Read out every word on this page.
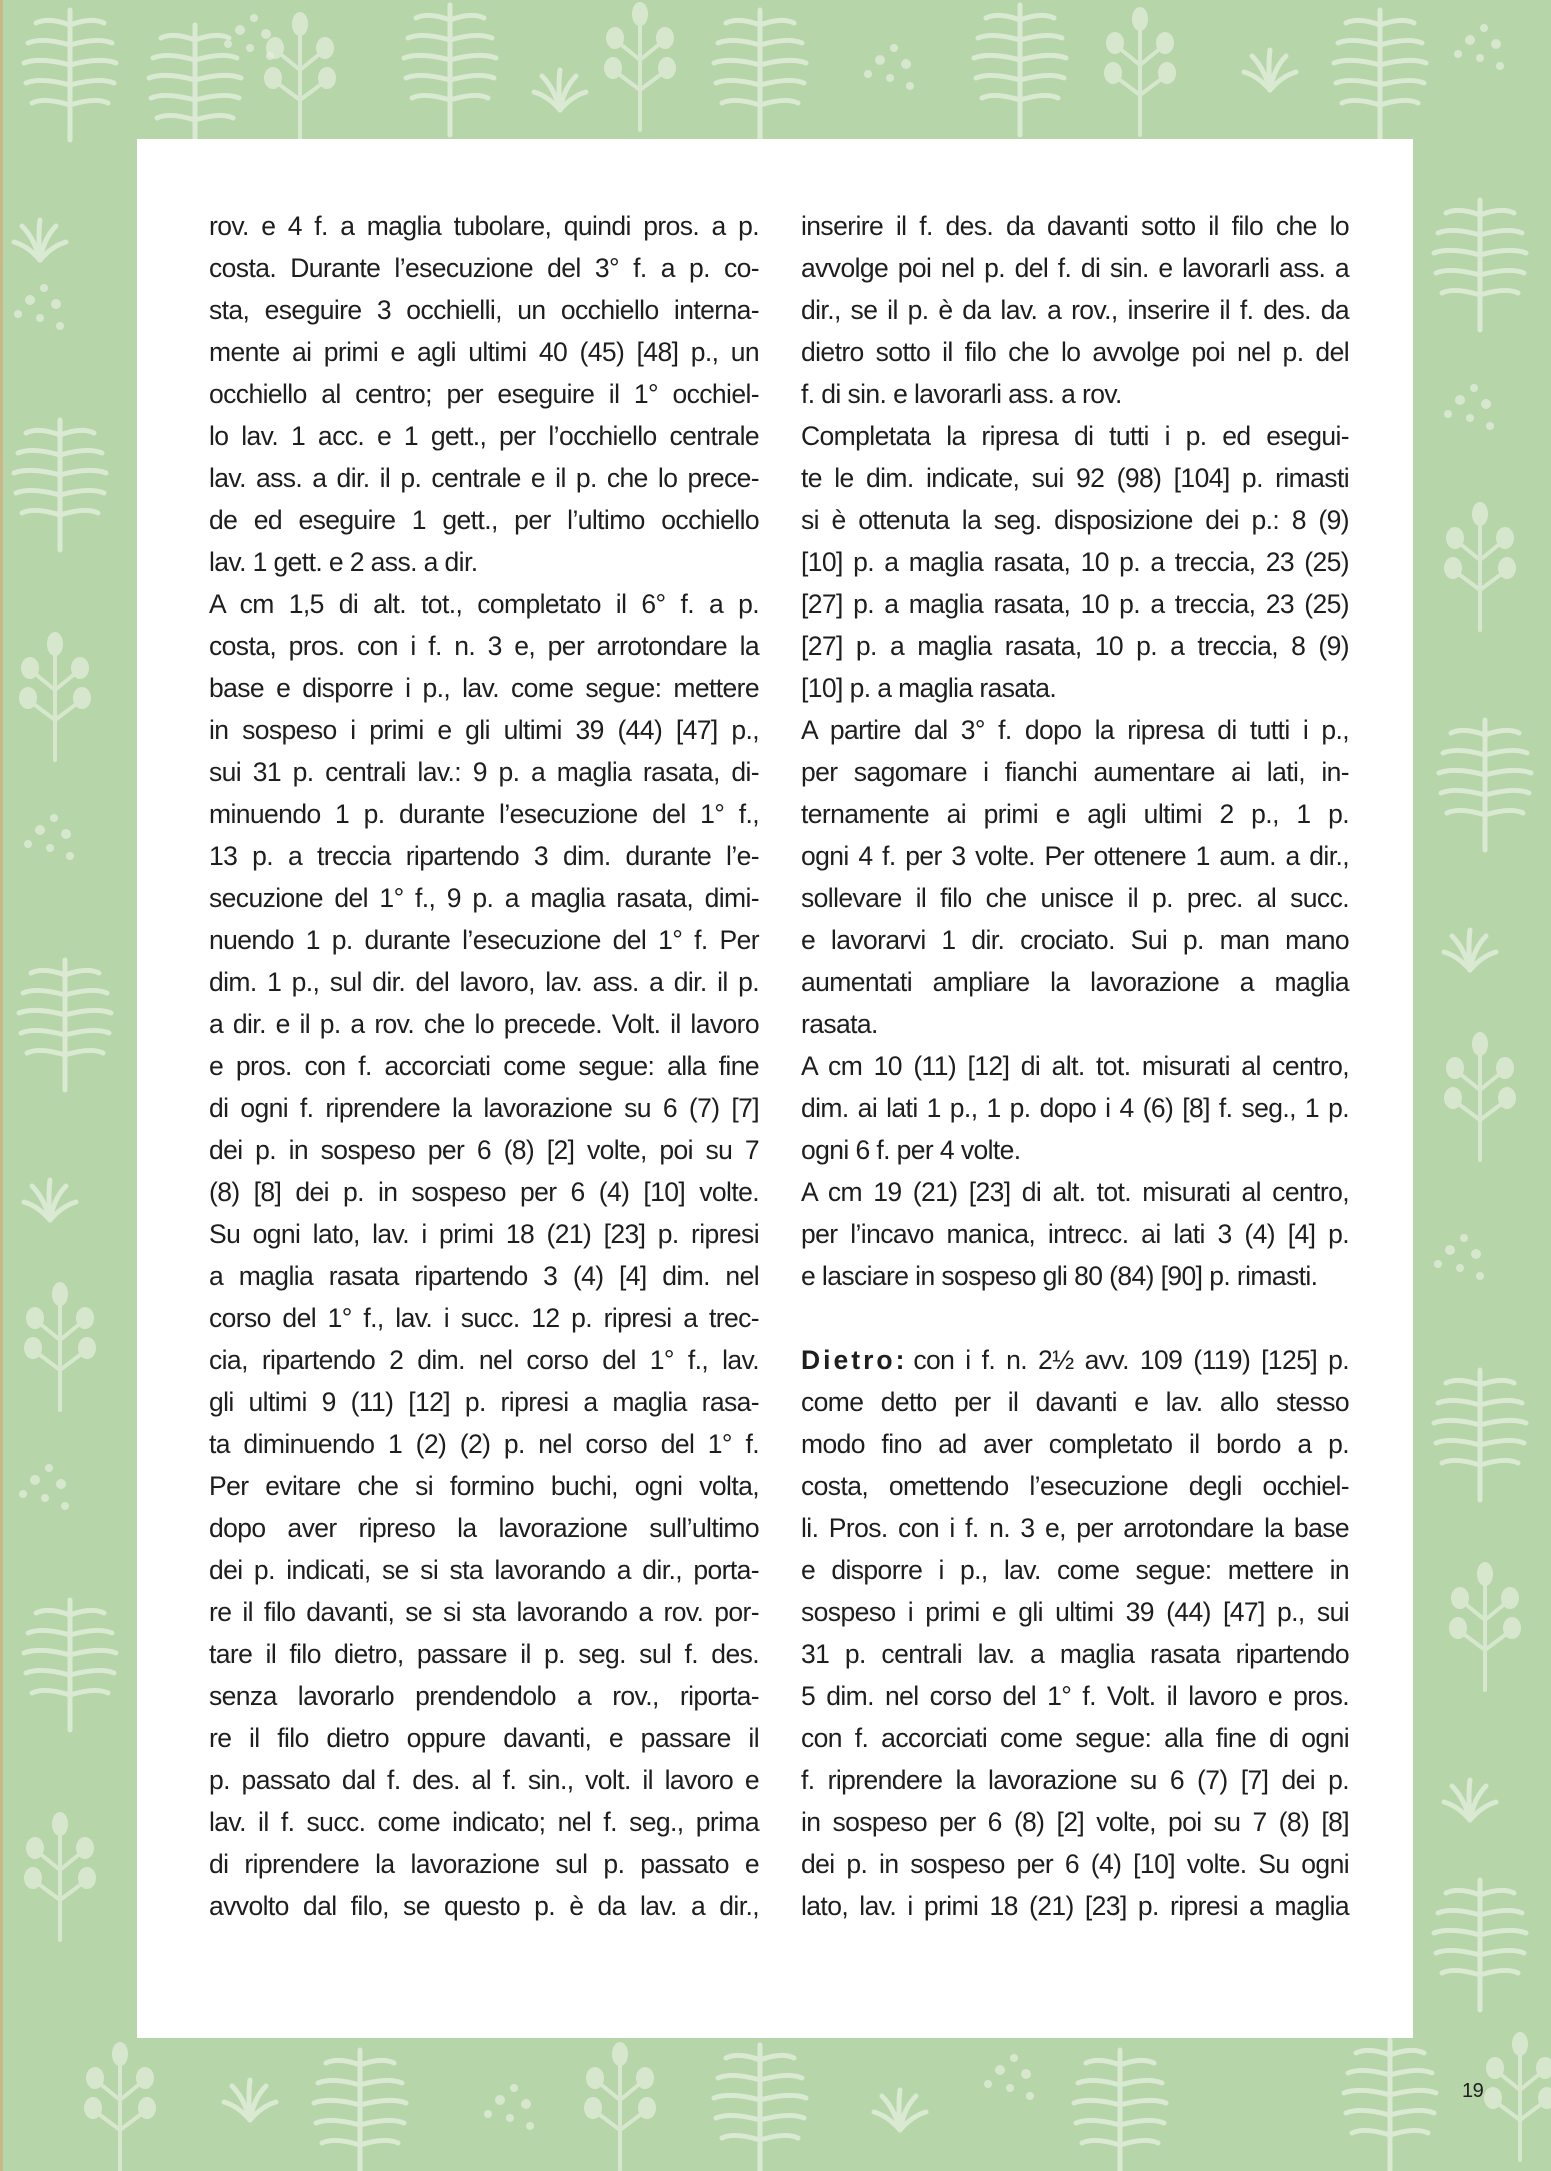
rov. e 4 f. a maglia tubolare, quindi pros. a p.
costa. Durante l’esecuzione del 3° f. a p. co-
sta, eseguire 3 occhielli, un occhiello interna-
mente ai primi e agli ultimi 40 (45) [48] p., un
occhiello al centro; per eseguire il 1° occhiel-
lo lav. 1 acc. e 1 gett., per l’occhiello centrale
lav. ass. a dir. il p. centrale e il p. che lo prece-
de ed eseguire 1 gett., per l’ultimo occhiello
lav. 1 gett. e 2 ass. a dir.
A cm 1,5 di alt. tot., completato il 6° f. a p.
costa, pros. con i f. n. 3 e, per arrotondare la
base e disporre i p., lav. come segue: mettere
in sospeso i primi e gli ultimi 39 (44) [47] p.,
sui 31 p. centrali lav.: 9 p. a maglia rasata, di-
minuendo 1 p. durante l’esecuzione del 1° f.,
13 p. a treccia ripartendo 3 dim. durante l’e-
secuzione del 1° f., 9 p. a maglia rasata, dimi-
nuendo 1 p. durante l’esecuzione del 1° f. Per
dim. 1 p., sul dir. del lavoro, lav. ass. a dir. il p.
a dir. e il p. a rov. che lo precede. Volt. il lavoro
e pros. con f. accorciati come segue: alla fine
di ogni f. riprendere la lavorazione su 6 (7) [7]
dei p. in sospeso per 6 (8) [2] volte, poi su 7
(8) [8] dei p. in sospeso per 6 (4) [10] volte.
Su ogni lato, lav. i primi 18 (21) [23] p. ripresi
a maglia rasata ripartendo 3 (4) [4] dim. nel
corso del 1° f., lav. i succ. 12 p. ripresi a trec-
cia, ripartendo 2 dim. nel corso del 1° f., lav.
gli ultimi 9 (11) [12] p. ripresi a maglia rasa-
ta diminuendo 1 (2) (2) p. nel corso del 1° f.
Per evitare che si formino buchi, ogni volta,
dopo aver ripreso la lavorazione sull’ultimo
dei p. indicati, se si sta lavorando a dir., porta-
re il filo davanti, se si sta lavorando a rov. por-
tare il filo dietro, passare il p. seg. sul f. des.
senza lavorarlo prendendolo a rov., riporta-
re il filo dietro oppure davanti, e passare il
p. passato dal f. des. al f. sin., volt. il lavoro e
lav. il f. succ. come indicato; nel f. seg., prima
di riprendere la lavorazione sul p. passato e
avvolto dal filo, se questo p. è da lav. a dir.,
inserire il f. des. da davanti sotto il filo che lo
avvolge poi nel p. del f. di sin. e lavorarli ass. a
dir., se il p. è da lav. a rov., inserire il f. des. da
dietro sotto il filo che lo avvolge poi nel p. del
f. di sin. e lavorarli ass. a rov.
Completata la ripresa di tutti i p. ed esegui-
te le dim. indicate, sui 92 (98) [104] p. rimasti
si è ottenuta la seg. disposizione dei p.: 8 (9)
[10] p. a maglia rasata, 10 p. a treccia, 23 (25)
[27] p. a maglia rasata, 10 p. a treccia, 23 (25)
[27] p. a maglia rasata, 10 p. a treccia, 8 (9)
[10] p. a maglia rasata.
A partire dal 3° f. dopo la ripresa di tutti i p.,
per sagomare i fianchi aumentare ai lati, in-
ternamente ai primi e agli ultimi 2 p., 1 p.
ogni 4 f. per 3 volte. Per ottenere 1 aum. a dir.,
sollevare il filo che unisce il p. prec. al succ.
e lavorarvi 1 dir. crociato. Sui p. man mano
aumentati ampliare la lavorazione a maglia
rasata.
A cm 10 (11) [12] di alt. tot. misurati al centro,
dim. ai lati 1 p., 1 p. dopo i 4 (6) [8] f. seg., 1 p.
ogni 6 f. per 4 volte.
A cm 19 (21) [23] di alt. tot. misurati al centro,
per l’incavo manica, intrecc. ai lati 3 (4) [4] p.
e lasciare in sospeso gli 80 (84) [90] p. rimasti.
Dietro: con i f. n. 2½ avv. 109 (119) [125] p.
come detto per il davanti e lav. allo stesso
modo fino ad aver completato il bordo a p.
costa, omettendo l’esecuzione degli occhiel-
li. Pros. con i f. n. 3 e, per arrotondare la base
e disporre i p., lav. come segue: mettere in
sospeso i primi e gli ultimi 39 (44) [47] p., sui
31 p. centrali lav. a maglia rasata ripartendo
5 dim. nel corso del 1° f. Volt. il lavoro e pros.
con f. accorciati come segue: alla fine di ogni
f. riprendere la lavorazione su 6 (7) [7] dei p.
in sospeso per 6 (8) [2] volte, poi su 7 (8) [8]
dei p. in sospeso per 6 (4) [10] volte. Su ogni
lato, lav. i primi 18 (21) [23] p. ripresi a maglia
19
